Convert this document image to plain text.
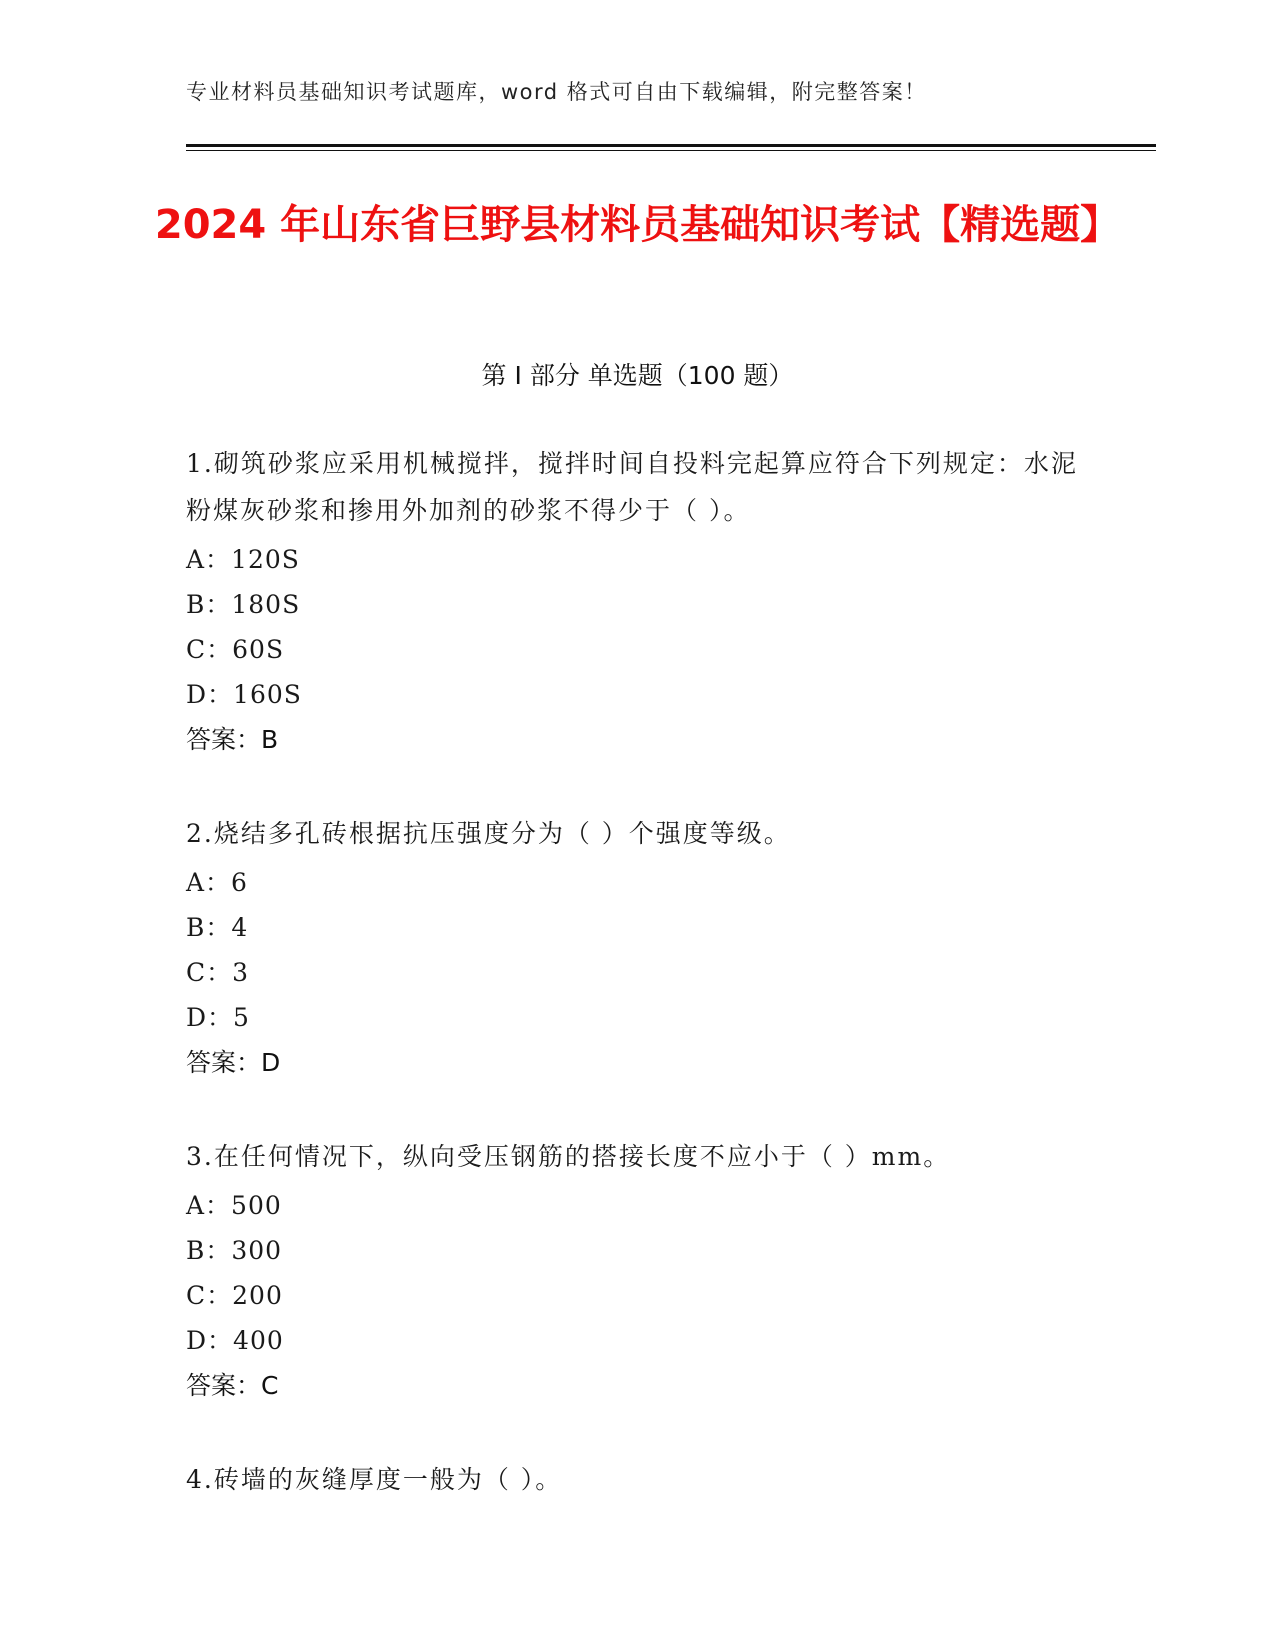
专业材料员基础知识考试题库，word 格式可自由下载编辑，附完整答案！
2024 年山东省巨野县材料员基础知识考试【精选题】
第 I 部分 单选题（100 题）
1.砌筑砂浆应采用机械搅拌，搅拌时间自投料完起算应符合下列规定：水泥粉煤灰砂浆和掺用外加剂的砂浆不得少于（ ）。
A：120S
B：180S
C：60S
D：160S
答案：B
2.烧结多孔砖根据抗压强度分为（ ）个强度等级。
A：6
B：4
C：3
D：5
答案：D
3.在任何情况下，纵向受压钢筋的搭接长度不应小于（ ）mm。
A：500
B：300
C：200
D：400
答案：C
4.砖墙的灰缝厚度一般为（ ）。
